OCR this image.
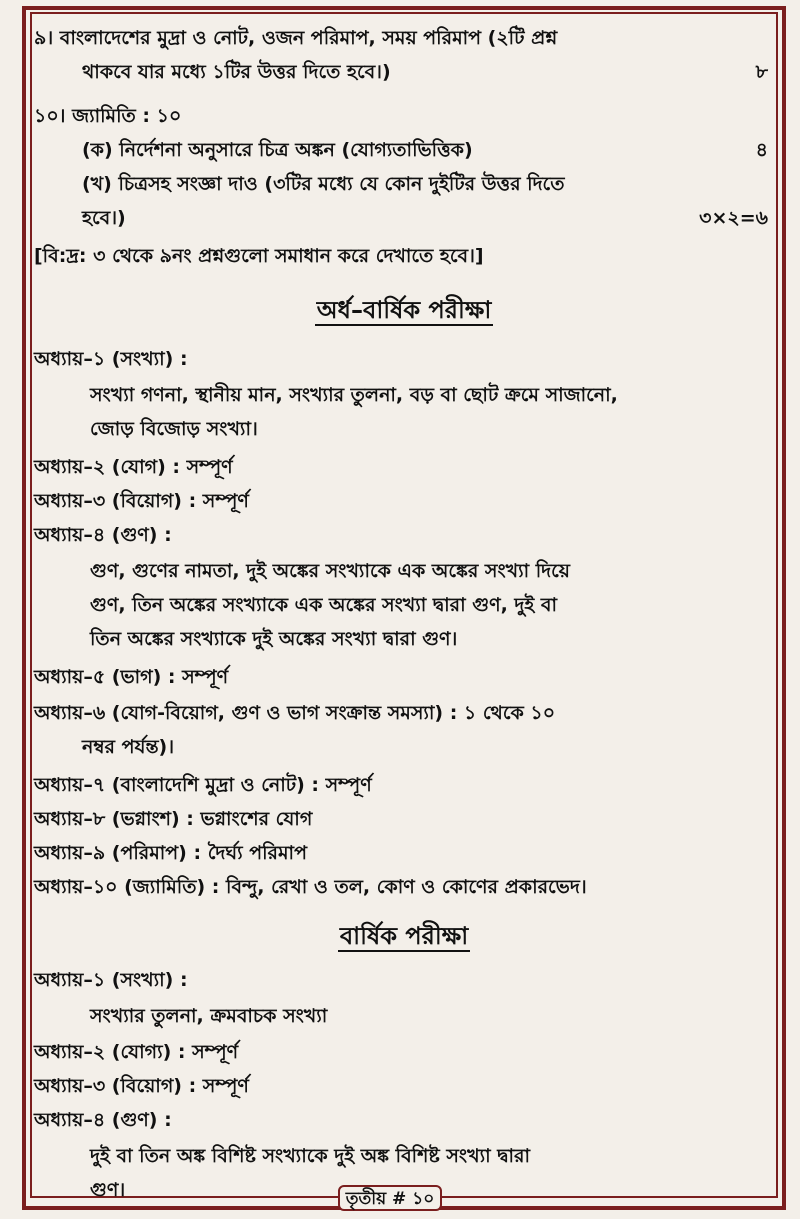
৯। বাংলাদেশের মুদ্রা ও নোট, ওজন পরিমাপ, সময় পরিমাপ (২টি প্রশ্ন
থাকবে যার মধ্যে ১টির উত্তর দিতে হবে।)	৮
১০। জ্যামিতি : ১০
(ক) নির্দেশনা অনুসারে চিত্র অঙ্কন (যোগ্যতাভিত্তিক)	৪
(খ) চিত্রসহ সংজ্ঞা দাও (৩টির মধ্যে যে কোন দুইটির উত্তর দিতে
হবে।)	৩×২=৬
[বি:দ্র: ৩ থেকে ৯নং প্রশ্নগুলো সমাধান করে দেখাতে হবে।]
অর্ধ–বার্ষিক পরীক্ষা
অধ্যায়–১ (সংখ্যা) :
সংখ্যা গণনা, স্থানীয় মান, সংখ্যার তুলনা, বড় বা ছোট ক্রমে সাজানো,
জোড় বিজোড় সংখ্যা।
অধ্যায়–২ (যোগ) : সম্পূর্ণ
অধ্যায়–৩ (বিয়োগ) : সম্পূর্ণ
অধ্যায়–৪ (গুণ) :
গুণ, গুণের নামতা, দুই অঙ্কের সংখ্যাকে এক অঙ্কের সংখ্যা দিয়ে
গুণ, তিন অঙ্কের সংখ্যাকে এক অঙ্কের সংখ্যা দ্বারা গুণ, দুই বা
তিন অঙ্কের সংখ্যাকে দুই অঙ্কের সংখ্যা দ্বারা গুণ।
অধ্যায়–৫ (ভাগ) : সম্পূর্ণ
অধ্যায়–৬ (যোগ-বিয়োগ, গুণ ও ভাগ সংক্রান্ত সমস্যা) : ১ থেকে ১০
নম্বর পর্যন্ত)।
অধ্যায়–৭ (বাংলাদেশি মুদ্রা ও নোট) : সম্পূর্ণ
অধ্যায়–৮ (ভগ্নাংশ) : ভগ্নাংশের যোগ
অধ্যায়–৯ (পরিমাপ) : দৈর্ঘ্য পরিমাপ
অধ্যায়–১০ (জ্যামিতি) : বিন্দু, রেখা ও তল, কোণ ও কোণের প্রকারভেদ।
বার্ষিক পরীক্ষা
অধ্যায়–১ (সংখ্যা) :
সংখ্যার তুলনা, ক্রমবাচক সংখ্যা
অধ্যায়–২ (যোগ্য) : সম্পূর্ণ
অধ্যায়–৩ (বিয়োগ) : সম্পূর্ণ
অধ্যায়–৪ (গুণ) :
দুই বা তিন অঙ্ক বিশিষ্ট সংখ্যাকে দুই অঙ্ক বিশিষ্ট সংখ্যা দ্বারা
গুণ।	তৃতীয় # ১০
